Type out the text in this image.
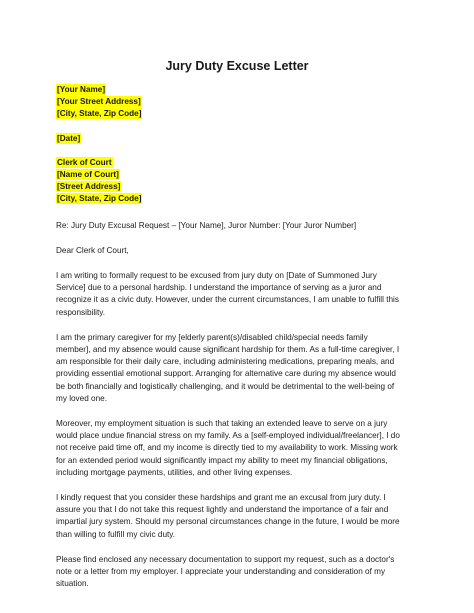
Jury Duty Excuse Letter
[Your Name]
[Your Street Address]
[City, State, Zip Code]
[Date]
Clerk of Court
[Name of Court]
[Street Address]
[City, State, Zip Code]

Re: Jury Duty Excusal Request – [Your Name], Juror Number: [Your Juror Number]

Dear Clerk of Court,

I am writing to formally request to be excused from jury duty on [Date of Summoned Jury
Service] due to a personal hardship. I understand the importance of serving as a juror and
recognize it as a civic duty. However, under the current circumstances, I am unable to fulfill this
responsibility.
I am the primary caregiver for my [elderly parent(s)/disabled child/special needs family
member], and my absence would cause significant hardship for them. As a full-time caregiver, I
am responsible for their daily care, including administering medications, preparing meals, and
providing essential emotional support. Arranging for alternative care during my absence would
be both financially and logistically challenging, and it would be detrimental to the well-being of
my loved one.
Moreover, my employment situation is such that taking an extended leave to serve on a jury
would place undue financial stress on my family. As a [self-employed individual/freelancer], I do
not receive paid time off, and my income is directly tied to my availability to work. Missing work
for an extended period would significantly impact my ability to meet my financial obligations,
including mortgage payments, utilities, and other living expenses.
I kindly request that you consider these hardships and grant me an excusal from jury duty. I
assure you that I do not take this request lightly and understand the importance of a fair and
impartial jury system. Should my personal circumstances change in the future, I would be more
than willing to fulfill my civic duty.
Please find enclosed any necessary documentation to support my request, such as a doctor's
note or a letter from my employer. I appreciate your understanding and consideration of my
situation.
